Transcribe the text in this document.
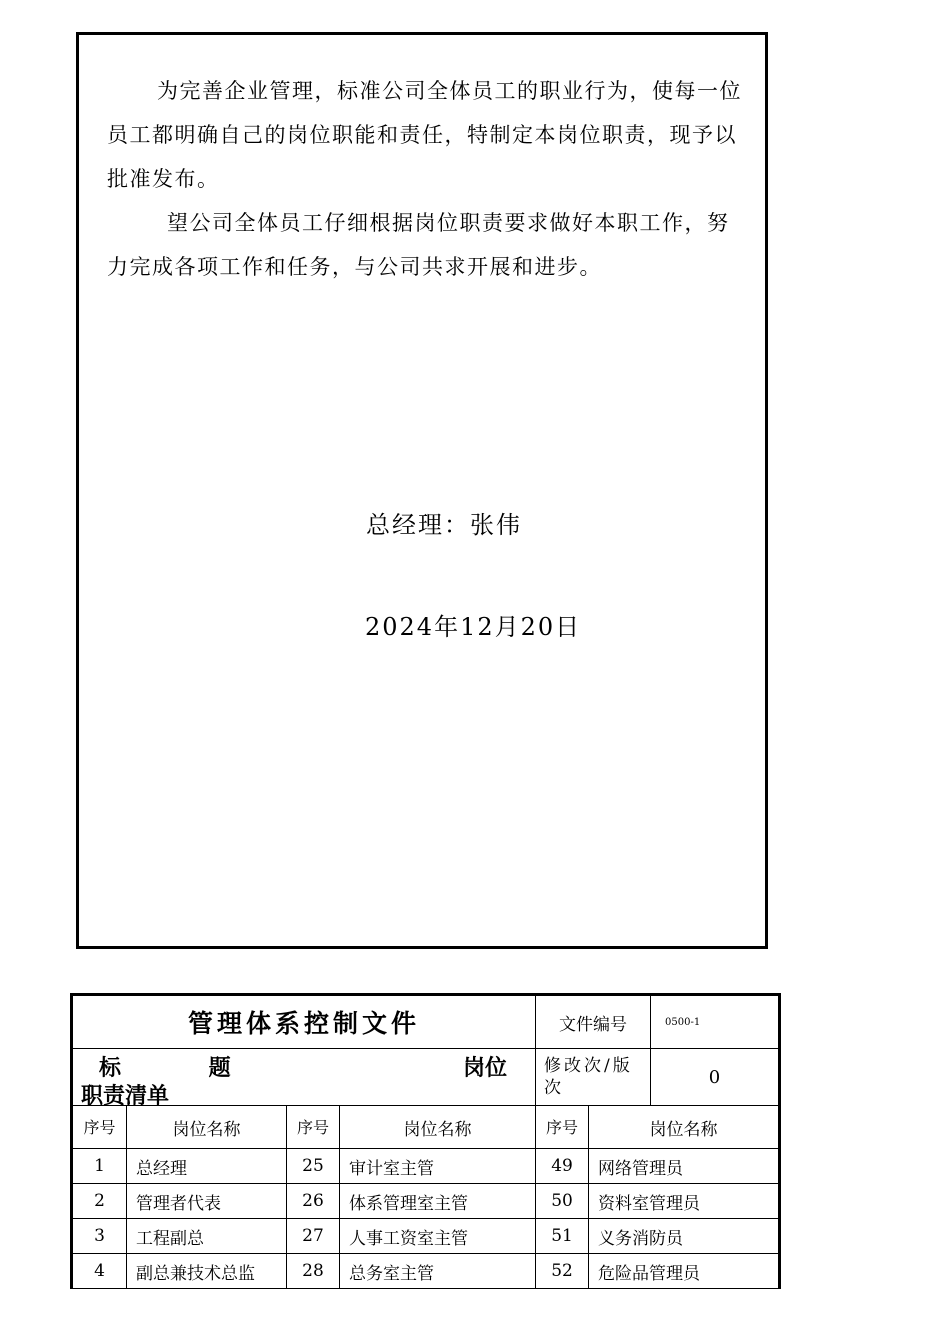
为完善企业管理，标准公司全体员工的职业行为，使每一位员工都明确自己的岗位职能和责任，特制定本岗位职责，现予以批准发布。

望公司全体员工仔细根据岗位职责要求做好本职工作，努力完成各项工作和任务，与公司共求开展和进步。

总经理：张伟
2024年12月20日
管理体系控制文件				文件编号		0500-1

标 题 岗位
职责清单				修改次/版次		0
序号	岗位名称	序号	岗位名称	序号	岗位名称	
1	总经理	25	审计室主管	49	网络管理员	
2	管理者代表	26	体系管理室主管	50	资料室管理员	
3	工程副总	27	人事工资室主管	51	义务消防员	
4	副总兼技术总监	28	总务室主管	52	危险品管理员	
